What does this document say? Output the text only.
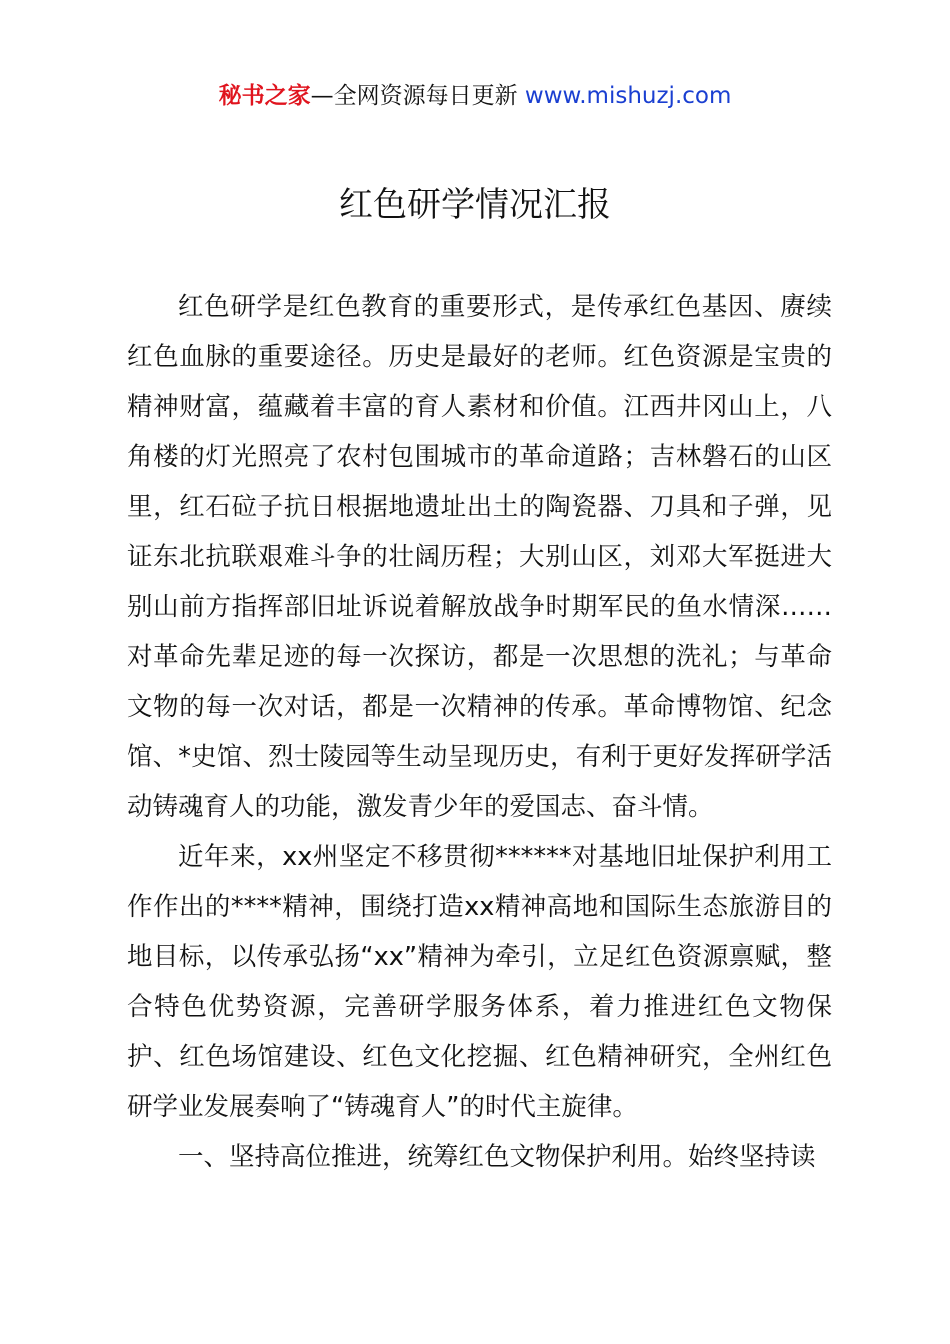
秘书之家—全网资源每日更新 www.mishuzj.com
红色研学情况汇报

红色研学是红色教育的重要形式，是传承红色基因、赓续红色血脉的重要途径。历史是最好的老师。红色资源是宝贵的精神财富，蕴藏着丰富的育人素材和价值。江西井冈山上，八角楼的灯光照亮了农村包围城市的革命道路；吉林磐石的山区里，红石砬子抗日根据地遗址出土的陶瓷器、刀具和子弹，见证东北抗联艰难斗争的壮阔历程；大别山区，刘邓大军挺进大别山前方指挥部旧址诉说着解放战争时期军民的鱼水情深……对革命先辈足迹的每一次探访，都是一次思想的洗礼；与革命文物的每一次对话，都是一次精神的传承。革命博物馆、纪念馆、*史馆、烈士陵园等生动呈现历史，有利于更好发挥研学活动铸魂育人的功能，激发青少年的爱国志、奋斗情。

近年来，xx州坚定不移贯彻******对基地旧址保护利用工作作出的****精神，围绕打造xx精神高地和国际生态旅游目的地目标，以传承弘扬“xx”精神为牵引，立足红色资源禀赋，整合特色优势资源，完善研学服务体系，着力推进红色文物保护、红色场馆建设、红色文化挖掘、红色精神研究，全州红色研学业发展奏响了“铸魂育人”的时代主旋律。

一、坚持高位推进，统筹红色文物保护利用。始终坚持读
